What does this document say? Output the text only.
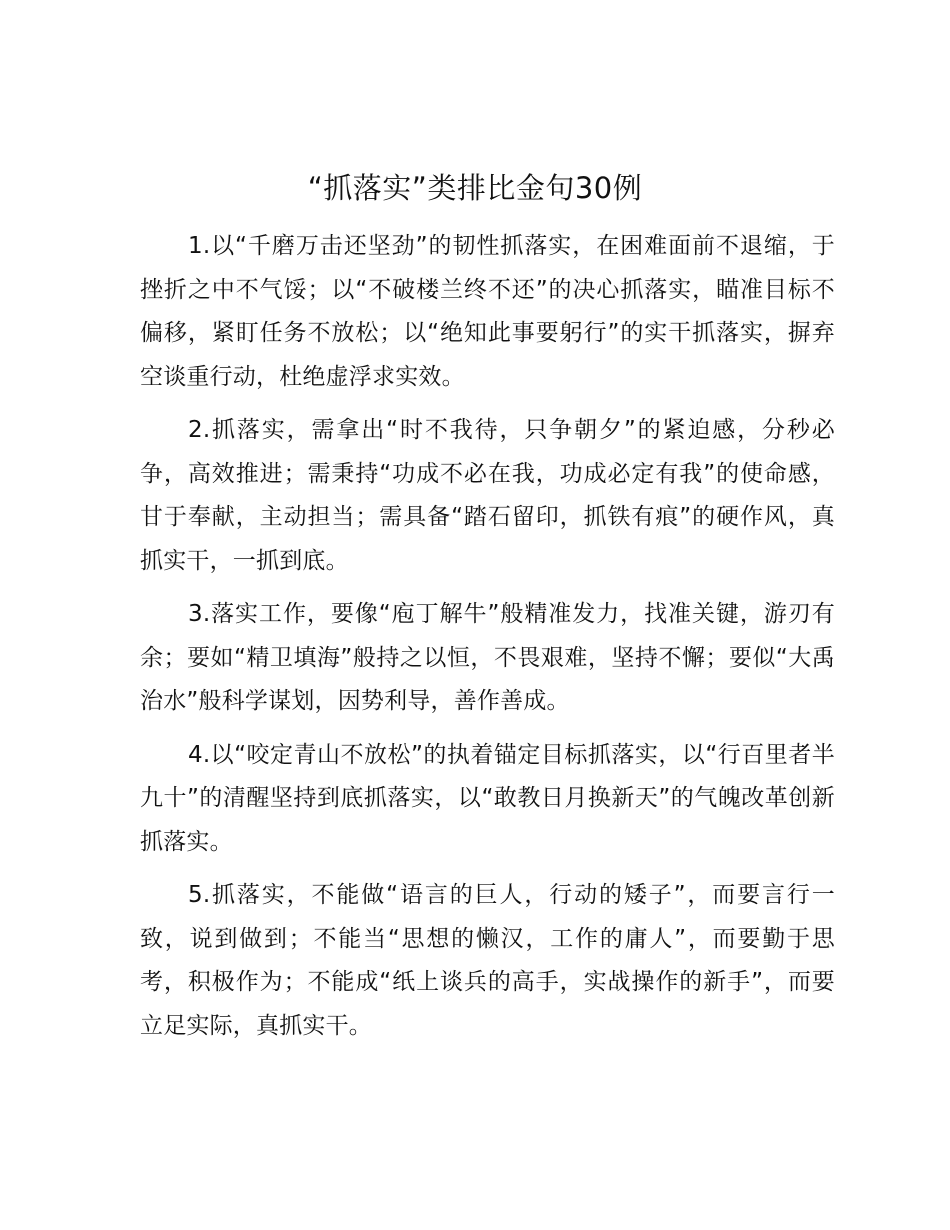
“抓落实”类排比金句30例

1.以“千磨万击还坚劲”的韧性抓落实，在困难面前不退缩，于挫折之中不气馁；以“不破楼兰终不还”的决心抓落实，瞄准目标不偏移，紧盯任务不放松；以“绝知此事要躬行”的实干抓落实，摒弃空谈重行动，杜绝虚浮求实效。

2.抓落实，需拿出“时不我待，只争朝夕”的紧迫感，分秒必争，高效推进；需秉持“功成不必在我，功成必定有我”的使命感，甘于奉献，主动担当；需具备“踏石留印，抓铁有痕”的硬作风，真抓实干，一抓到底。

3.落实工作，要像“庖丁解牛”般精准发力，找准关键，游刃有余；要如“精卫填海”般持之以恒，不畏艰难，坚持不懈；要似“大禹治水”般科学谋划，因势利导，善作善成。

4.以“咬定青山不放松”的执着锚定目标抓落实，以“行百里者半九十”的清醒坚持到底抓落实，以“敢教日月换新天”的气魄改革创新抓落实。

5.抓落实，不能做“语言的巨人，行动的矮子”，而要言行一致，说到做到；不能当“思想的懒汉，工作的庸人”，而要勤于思考，积极作为；不能成“纸上谈兵的高手，实战操作的新手”，而要立足实际，真抓实干。
